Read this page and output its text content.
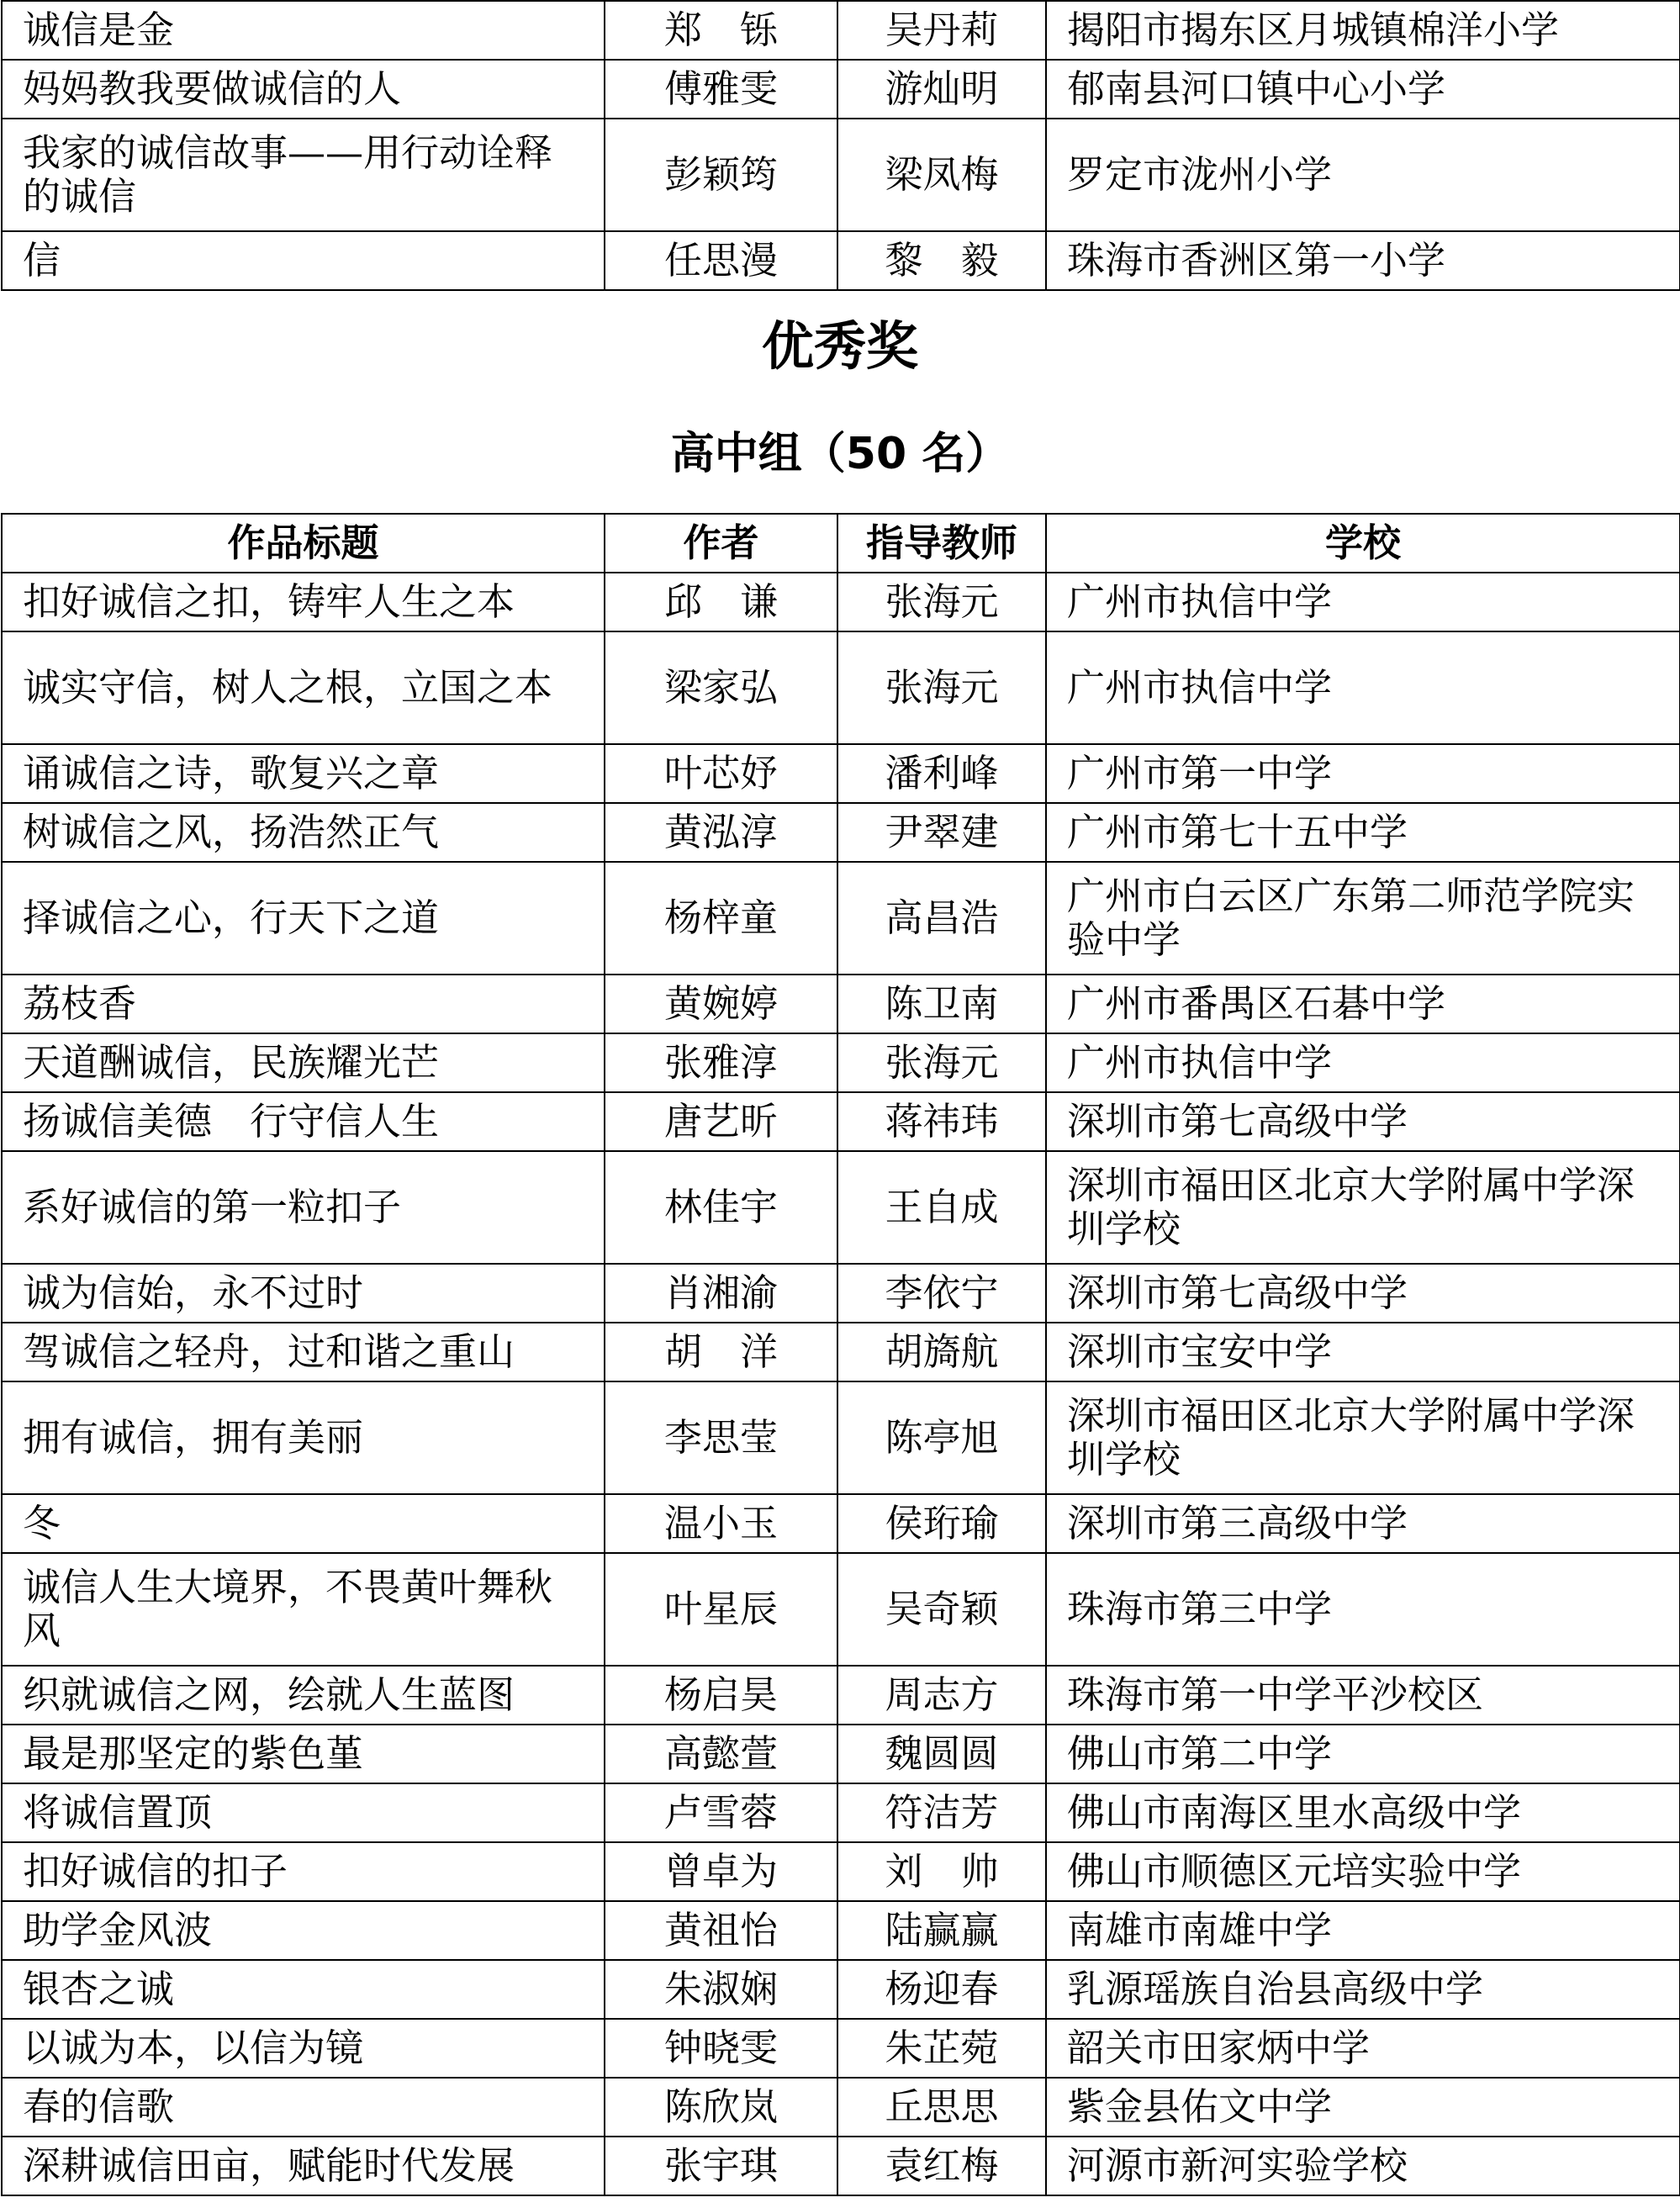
诚信是金	郑　铄	吴丹莉	揭阳市揭东区月城镇棉洋小学
妈妈教我要做诚信的人	傅雅雯	游灿明	郁南县河口镇中心小学
我家的诚信故事——用行动诠释的诚信	彭颖筠	梁凤梅	罗定市泷州小学
信	任思漫	黎　毅	珠海市香洲区第一小学
优秀奖
高中组（50 名）
作品标题	作者	指导教师	学校
扣好诚信之扣，铸牢人生之本	邱　谦	张海元	广州市执信中学
诚实守信，树人之根，立国之本	梁家弘	张海元	广州市执信中学
诵诚信之诗，歌复兴之章	叶芯妤	潘利峰	广州市第一中学
树诚信之风，扬浩然正气	黄泓淳	尹翠建	广州市第七十五中学
择诚信之心，行天下之道	杨梓童	高昌浩	广州市白云区广东第二师范学院实验中学
荔枝香	黄婉婷	陈卫南	广州市番禺区石碁中学
天道酬诚信，民族耀光芒	张雅淳	张海元	广州市执信中学
扬诚信美德　行守信人生	唐艺昕	蒋祎玮	深圳市第七高级中学
系好诚信的第一粒扣子	林佳宇	王自成	深圳市福田区北京大学附属中学深圳学校
诚为信始，永不过时	肖湘渝	李依宁	深圳市第七高级中学
驾诚信之轻舟，过和谐之重山	胡　洋	胡旖航	深圳市宝安中学
拥有诚信，拥有美丽	李思莹	陈亭旭	深圳市福田区北京大学附属中学深圳学校
冬	温小玉	侯珩瑜	深圳市第三高级中学
诚信人生大境界，不畏黄叶舞秋风	叶星辰	吴奇颖	珠海市第三中学
织就诚信之网，绘就人生蓝图	杨启昊	周志方	珠海市第一中学平沙校区
最是那坚定的紫色堇	高懿萱	魏圆圆	佛山市第二中学
将诚信置顶	卢雪蓉	符洁芳	佛山市南海区里水高级中学
扣好诚信的扣子	曾卓为	刘　帅	佛山市顺德区元培实验中学
助学金风波	黄祖怡	陆赢赢	南雄市南雄中学
银杏之诚	朱淑娴	杨迎春	乳源瑶族自治县高级中学
以诚为本，以信为镜	钟晓雯	朱芷菀	韶关市田家炳中学
春的信歌	陈欣岚	丘思思	紫金县佑文中学
深耕诚信田亩，赋能时代发展	张宇琪	袁红梅	河源市新河实验学校
